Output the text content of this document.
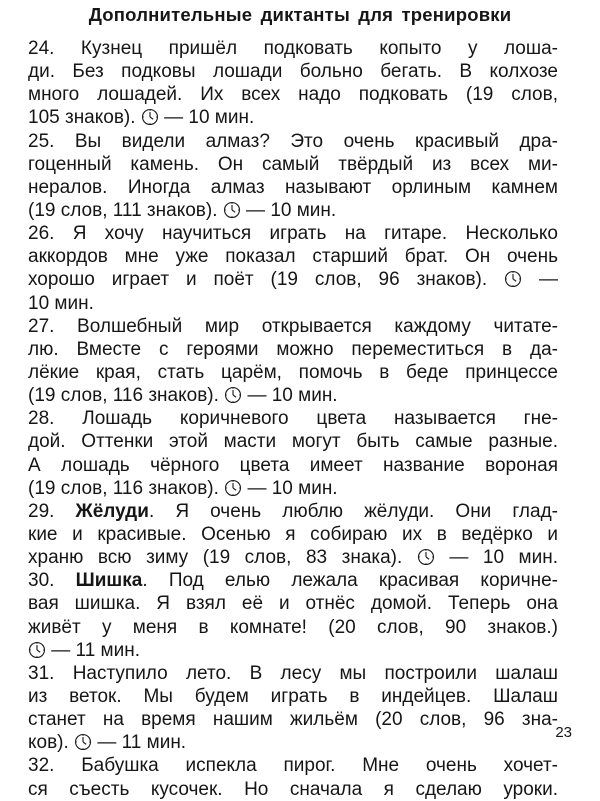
Дополнительные диктанты для тренировки
24. Кузнец пришёл подковать копыто у лоша-
ди. Без подковы лошади больно бегать. В колхозе
много лошадей. Их всех надо подковать (19 слов,
105 знаков).  — 10 мин.
25. Вы видели алмаз? Это очень красивый дра-
гоценный камень. Он самый твёрдый из всех ми-
нералов. Иногда алмаз называют орлиным камнем
(19 слов, 111 знаков).  — 10 мин.
26. Я хочу научиться играть на гитаре. Несколько
аккордов мне уже показал старший брат. Он очень
хорошо играет и поёт (19 слов, 96 знаков).  —
10 мин.
27. Волшебный мир открывается каждому читате-
лю. Вместе с героями можно переместиться в да-
лёкие края, стать царём, помочь в беде принцессе
(19 слов, 116 знаков).  — 10 мин.
28. Лошадь коричневого цвета называется гне-
дой. Оттенки этой масти могут быть самые разные.
А лошадь чёрного цвета имеет название вороная
(19 слов, 116 знаков).  — 10 мин.
29. Жёлуди. Я очень люблю жёлуди. Они глад-
кие и красивые. Осенью я собираю их в ведёрко и
храню всю зиму (19 слов, 83 знака).  — 10 мин.
30. Шишка. Под елью лежала красивая коричне-
вая шишка. Я взял её и отнёс домой. Теперь она
живёт у меня в комнате! (20 слов, 90 знаков.)
— 11 мин.
31. Наступило лето. В лесу мы построили шалаш
из веток. Мы будем играть в индейцев. Шалаш
станет на время нашим жильём (20 слов, 96 зна-
ков).  — 11 мин.
32. Бабушка испекла пирог. Мне очень хочет-
ся съесть кусочек. Но сначала я сделаю уроки.
23
